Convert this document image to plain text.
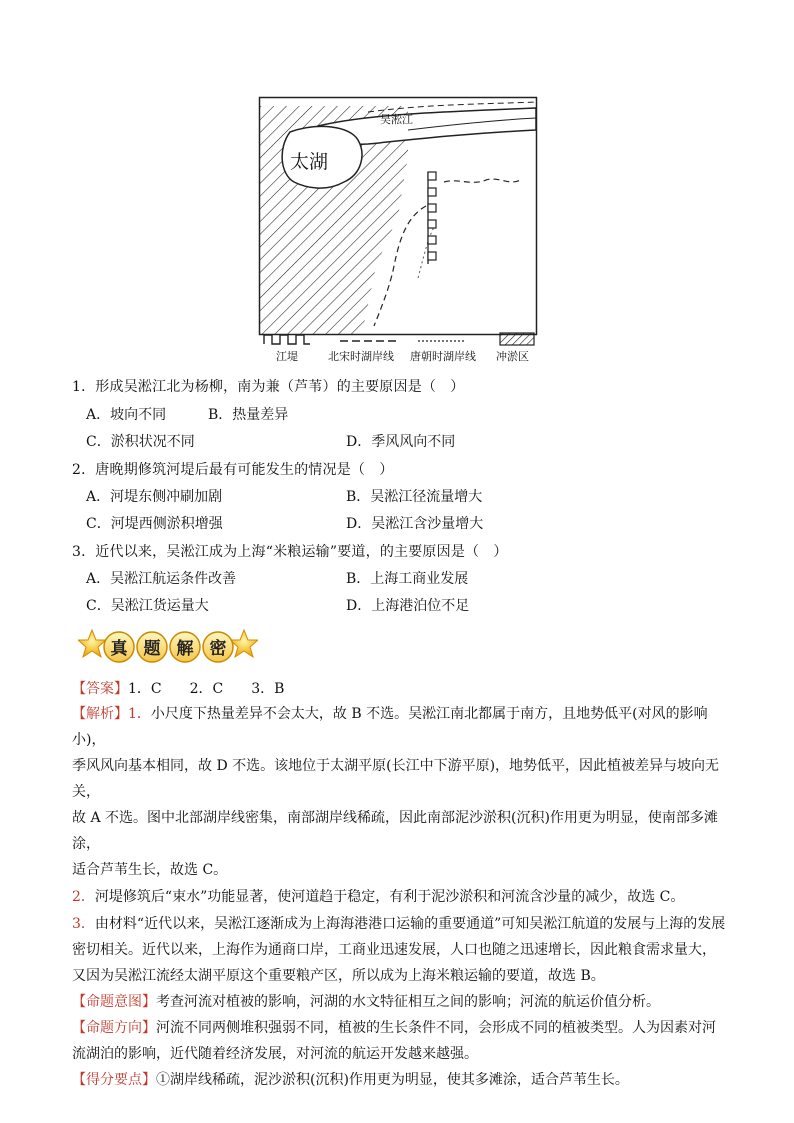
太湖
吴淞江
江堤	北宋时湖岸线 唐朝时湖岸线 冲淤区
1．形成吴淞江北为杨柳，南为兼（芦苇）的主要原因是（　）
A．坡向不同	B．热量差异
C．淤积状况不同	D．季风风向不同
2．唐晚期修筑河堤后最有可能发生的情况是（　）
A．河堤东侧冲刷加剧	B．吴淞江径流量增大
C．河堤西侧淤积增强	D．吴淞江含沙量增大
3．近代以来，吴淞江成为上海“米粮运输”要道，的主要原因是（　）
A．吴淞江航运条件改善	B．上海工商业发展
C．吴淞江货运量大	D．上海港泊位不足
真 题 解 密
【答案】1．C　　2．C　　3．B
【解析】1．小尺度下热量差异不会太大，故 B 不选。吴淞江南北都属于南方，且地势低平(对风的影响小)，
季风风向基本相同，故 D 不选。该地位于太湖平原(长江中下游平原)，地势低平，因此植被差异与坡向无关，
故 A 不选。图中北部湖岸线密集，南部湖岸线稀疏，因此南部泥沙淤积(沉积)作用更为明显，使南部多滩涂，
适合芦苇生长，故选 C。
2．河堤修筑后“束水”功能显著，使河道趋于稳定，有利于泥沙淤积和河流含沙量的减少，故选 C。
3．由材料“近代以来，吴淞江逐渐成为上海海港港口运输的重要通道”可知吴淞江航道的发展与上海的发展
密切相关。近代以来，上海作为通商口岸，工商业迅速发展，人口也随之迅速增长，因此粮食需求量大，
又因为吴淞江流经太湖平原这个重要粮产区，所以成为上海米粮运输的要道，故选 B。
【命题意图】考查河流对植被的影响，河湖的水文特征相互之间的影响；河流的航运价值分析。
【命题方向】河流不同两侧堆积强弱不同，植被的生长条件不同，会形成不同的植被类型。人为因素对河
流湖泊的影响，近代随着经济发展，对河流的航运开发越来越强。
【得分要点】①湖岸线稀疏，泥沙淤积(沉积)作用更为明显，使其多滩涂，适合芦苇生长。
